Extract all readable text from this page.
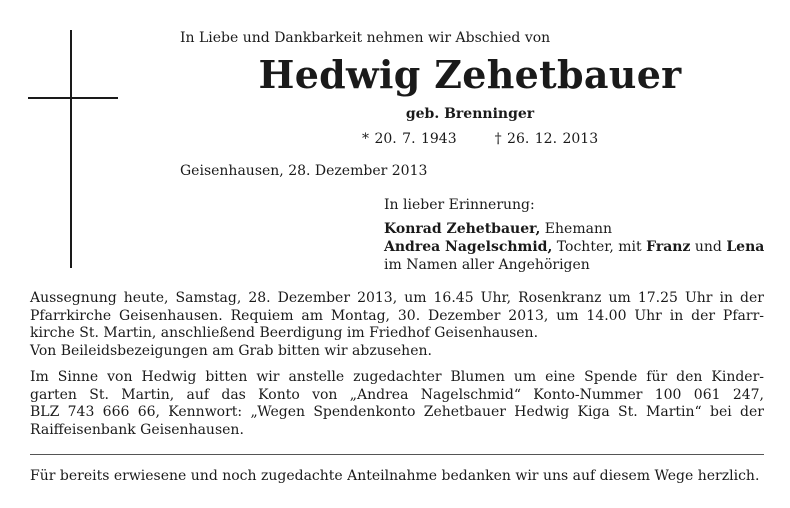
In Liebe und Dankbarkeit nehmen wir Abschied von
Hedwig Zehetbauer
geb. Brenninger
* 20. 7. 1943	† 26. 12. 2013
Geisenhausen, 28. Dezember 2013
In lieber Erinnerung:
Konrad Zehetbauer, Ehemann
Andrea Nagelschmid, Tochter, mit Franz und Lena
im Namen aller Angehörigen
Aussegnung heute, Samstag, 28. Dezember 2013, um 16.45 Uhr, Rosenkranz um 17.25 Uhr in der
Pfarrkirche Geisenhausen. Requiem am Montag, 30. Dezember 2013, um 14.00 Uhr in der Pfarr-
kirche St. Martin, anschließend Beerdigung im Friedhof Geisenhausen.
Von Beileidsbezeigungen am Grab bitten wir abzusehen.
Im Sinne von Hedwig bitten wir anstelle zugedachter Blumen um eine Spende für den Kinder-
garten St. Martin, auf das Konto von „Andrea Nagelschmid“ Konto-Nummer 100 061 247,
BLZ 743 666 66, Kennwort: „Wegen Spendenkonto Zehetbauer Hedwig Kiga St. Martin“ bei der
Raiffeisenbank Geisenhausen.
Für bereits erwiesene und noch zugedachte Anteilnahme bedanken wir uns auf diesem Wege herzlich.
